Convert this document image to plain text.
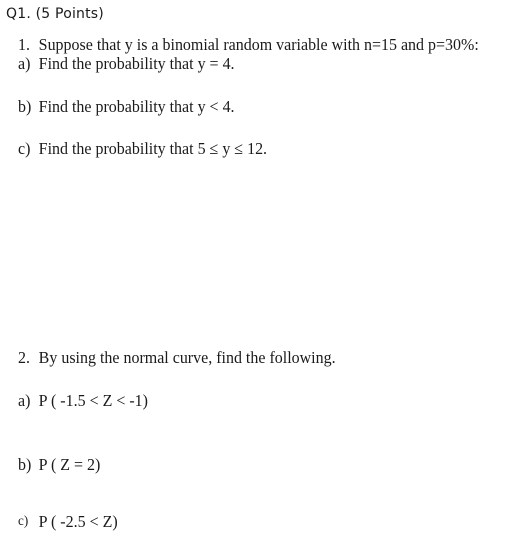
Q1. (5 Points)
1. Suppose that y is a binomial random variable with n=15 and p=30%:
a) Find the probability that y = 4.
b) Find the probability that y < 4.
c) Find the probability that 5 ≤ y ≤ 12.
2. By using the normal curve, find the following.
a) P ( -1.5 < Z < -1)
b) P ( Z = 2)
c) P ( -2.5 < Z)
